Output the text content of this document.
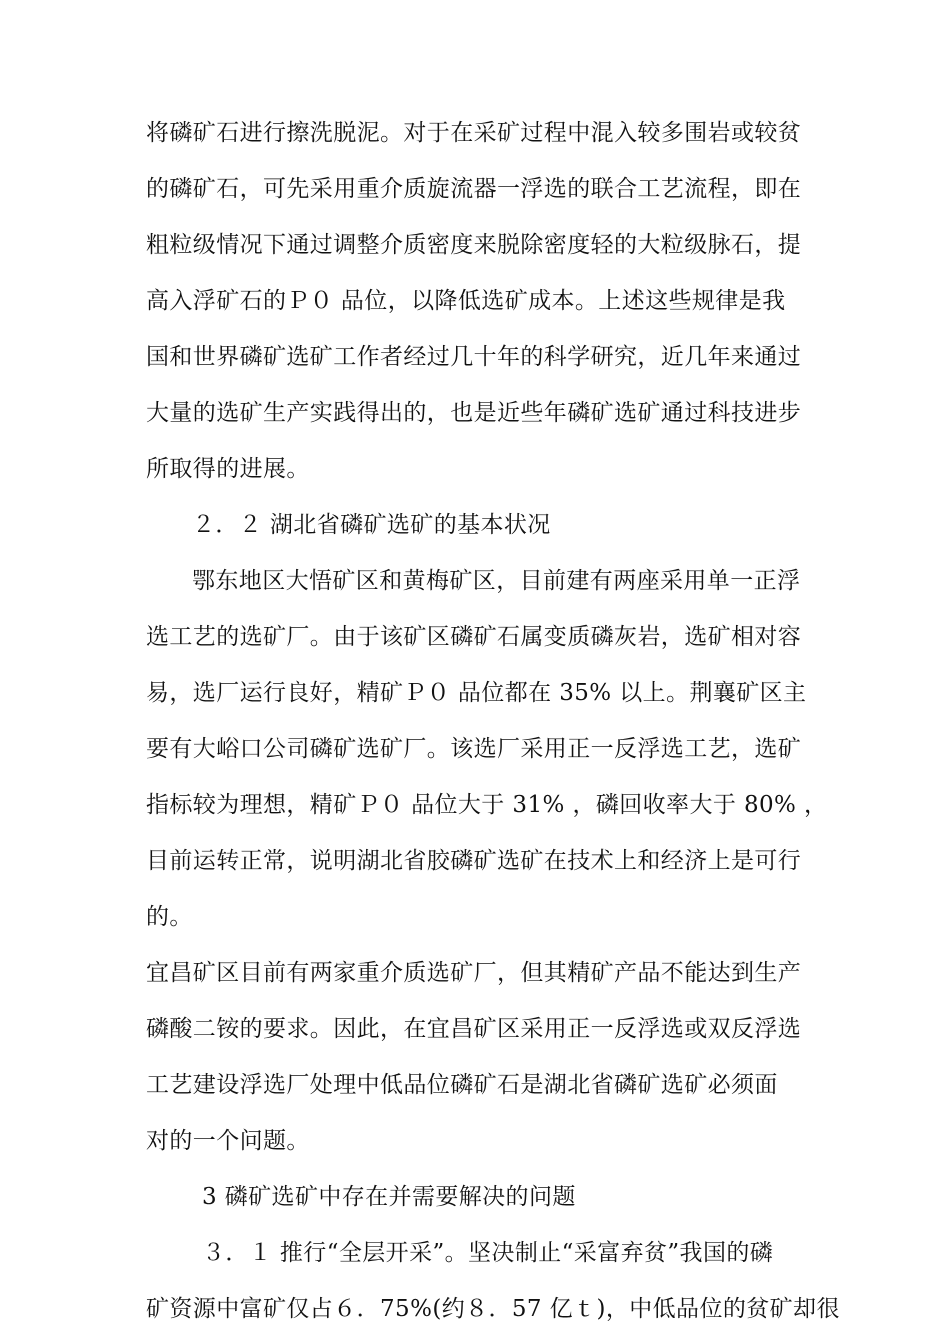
将磷矿石进行擦洗脱泥。对于在采矿过程中混入较多围岩或较贫

的磷矿石，可先采用重介质旋流器一浮选的联合工艺流程，即在

粗粒级情况下通过调整介质密度来脱除密度轻的大粒级脉石，提

高入浮矿石的Ｐ０ 品位，以降低选矿成本。上述这些规律是我

国和世界磷矿选矿工作者经过几十年的科学研究，近几年来通过

大量的选矿生产实践得出的，也是近些年磷矿选矿通过科技进步

所取得的进展。

２．２ 湖北省磷矿选矿的基本状况

鄂东地区大悟矿区和黄梅矿区，目前建有两座采用单一正浮

选工艺的选矿厂。由于该矿区磷矿石属变质磷灰岩，选矿相对容

易，选厂运行良好，精矿Ｐ０ 品位都在 35% 以上。荆襄矿区主

要有大峪口公司磷矿选矿厂。该选厂采用正一反浮选工艺，选矿

指标较为理想，精矿Ｐ０ 品位大于 31% ，磷回收率大于 80% ，

目前运转正常，说明湖北省胶磷矿选矿在技术上和经济上是可行

的。

宜昌矿区目前有两家重介质选矿厂，但其精矿产品不能达到生产

磷酸二铵的要求。因此，在宜昌矿区采用正一反浮选或双反浮选

工艺建设浮选厂处理中低品位磷矿石是湖北省磷矿选矿必须面

对的一个问题。

3 磷矿选矿中存在并需要解决的问题

３．１ 推行“全层开采”。坚决制止“采富弃贫”我国的磷

矿资源中富矿仅占６．75%(约８．57 亿ｔ)，中低品位的贫矿却很
